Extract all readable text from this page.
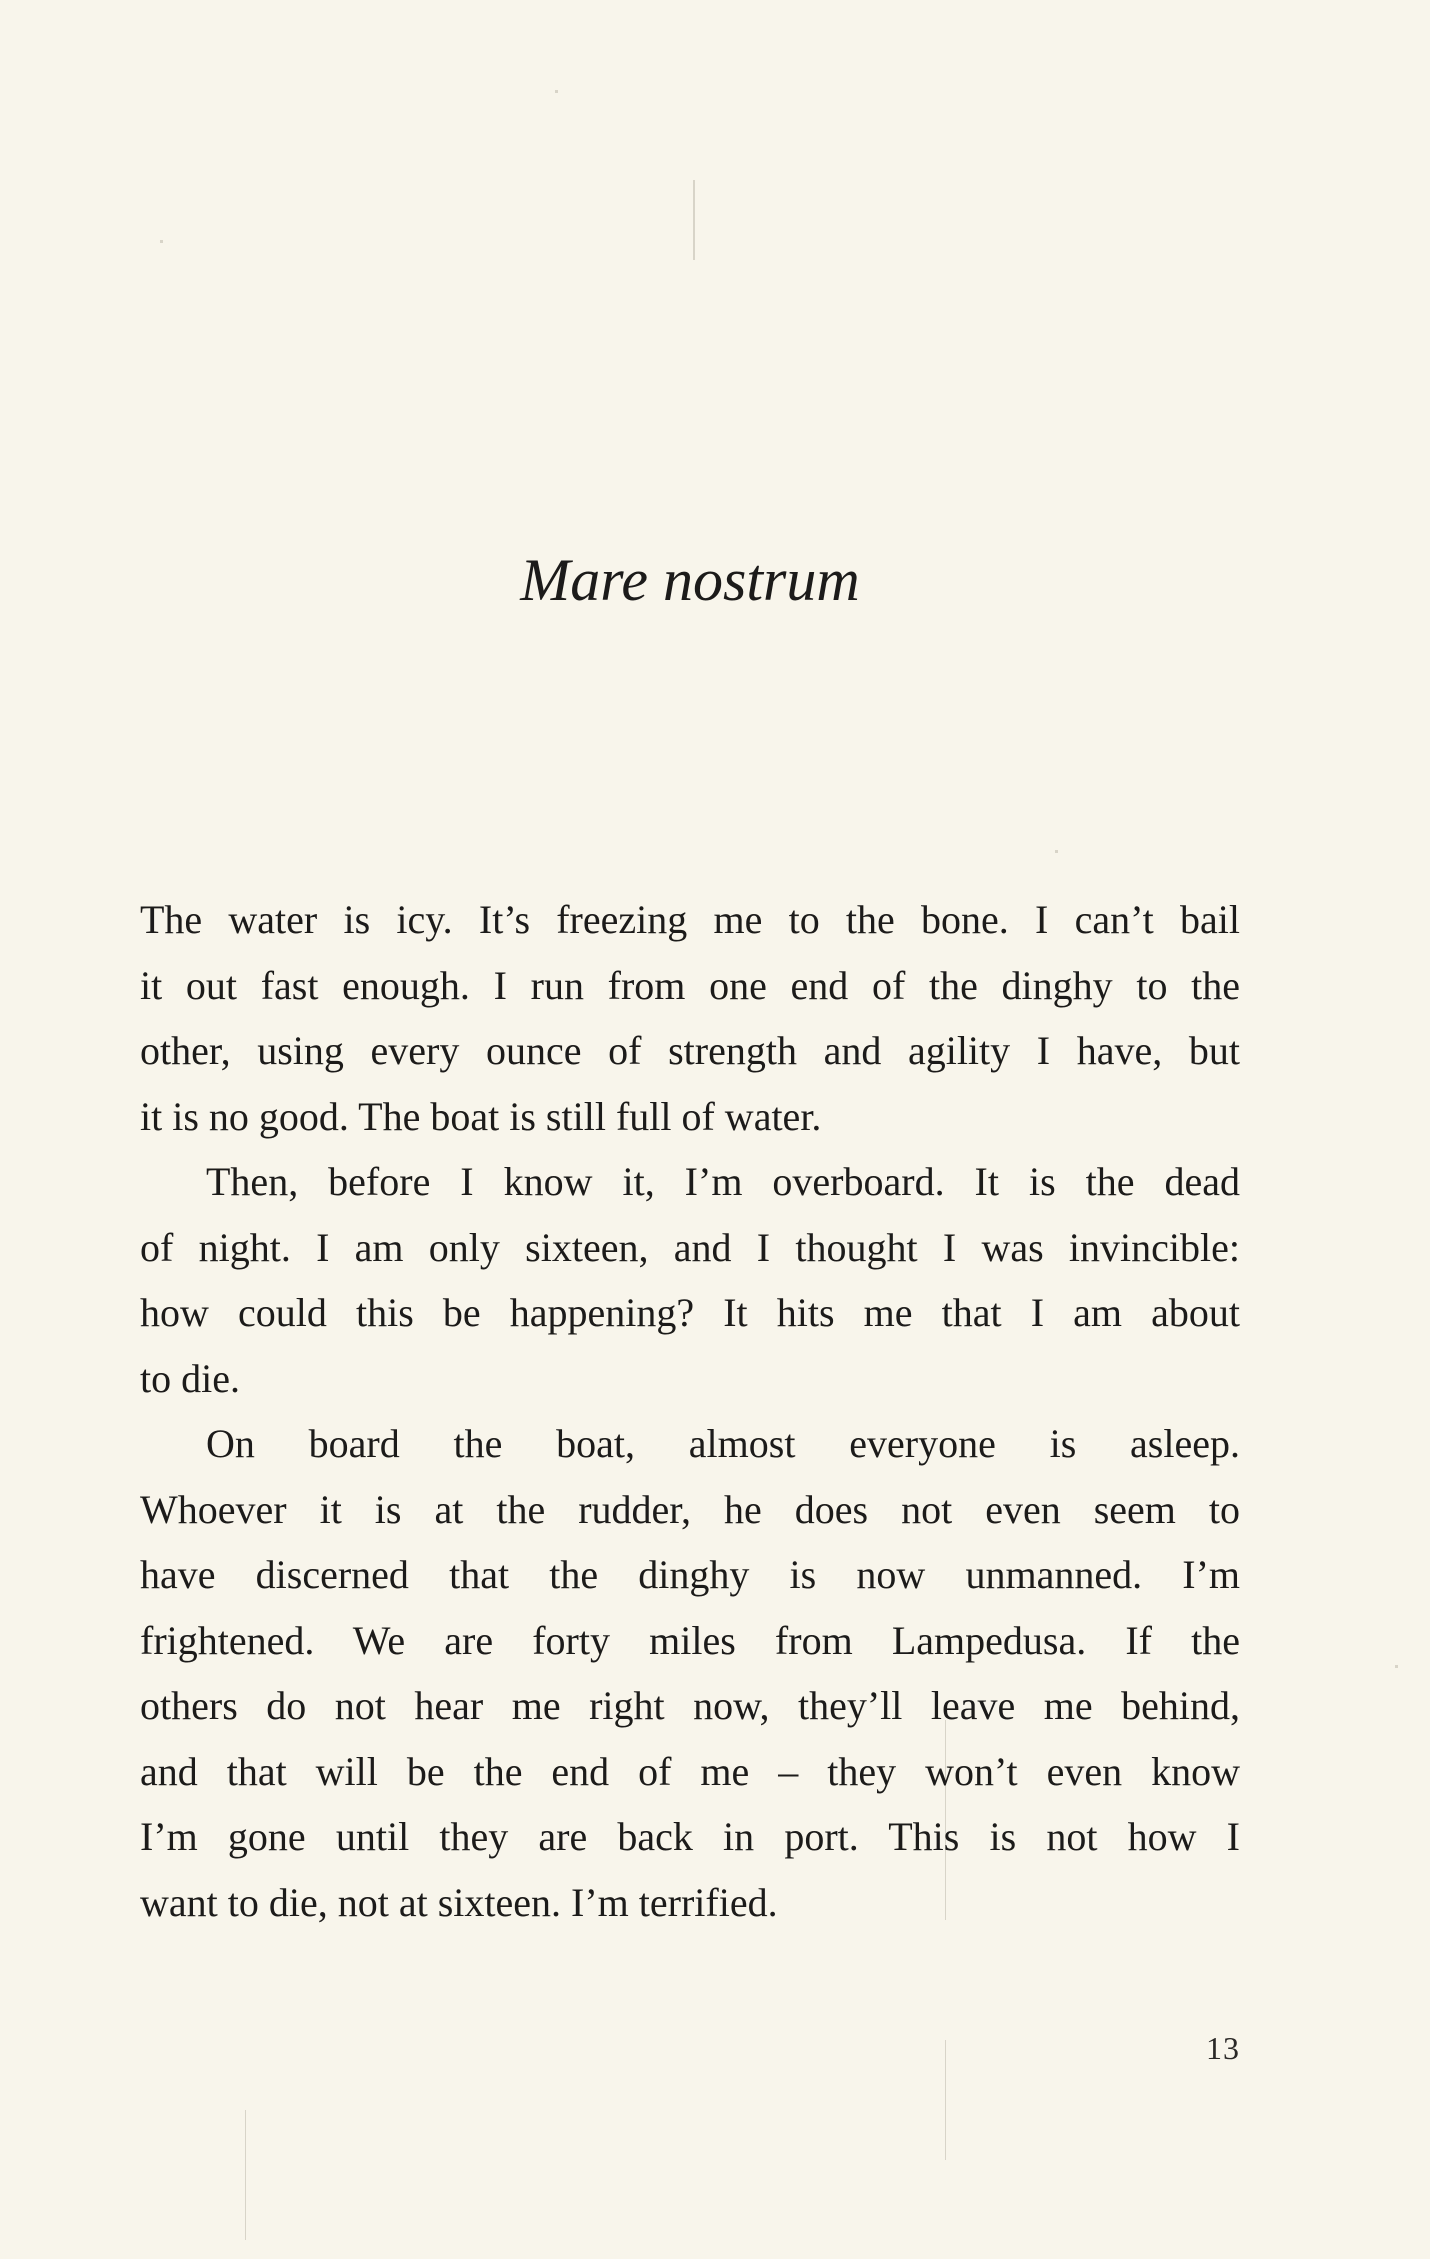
Mare nostrum

The water is icy. It’s freezing me to the bone. I can’t bail
it out fast enough. I run from one end of the dinghy to the
other, using every ounce of strength and agility I have, but
it is no good. The boat is still full of water.

Then, before I know it, I’m overboard. It is the dead
of night. I am only sixteen, and I thought I was invincible:
how could this be happening? It hits me that I am about
to die.

On board the boat, almost everyone is asleep.
Whoever it is at the rudder, he does not even seem to
have discerned that the dinghy is now unmanned. I’m
frightened. We are forty miles from Lampedusa. If the
others do not hear me right now, they’ll leave me behind,
and that will be the end of me – they won’t even know
I’m gone until they are back in port. This is not how I
want to die, not at sixteen. I’m terrified.

13
